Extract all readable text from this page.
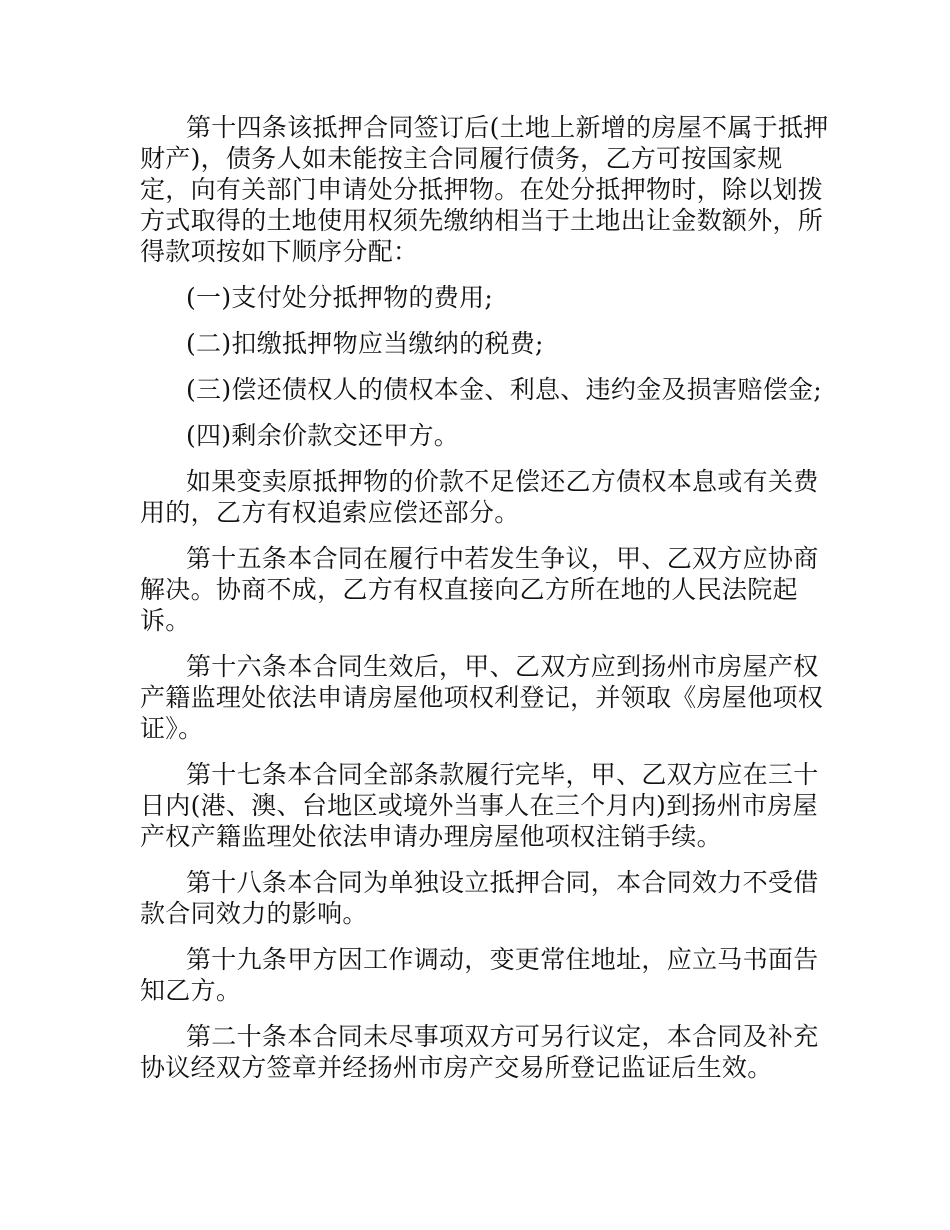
第十四条该抵押合同签订后(土地上新增的房屋不属于抵押财产)，债务人如未能按主合同履行债务，乙方可按国家规定，向有关部门申请处分抵押物。在处分抵押物时，除以划拨方式取得的土地使用权须先缴纳相当于土地出让金数额外，所得款项按如下顺序分配：

(一)支付处分抵押物的费用;

(二)扣缴抵押物应当缴纳的税费;

(三)偿还债权人的债权本金、利息、违约金及损害赔偿金;

(四)剩余价款交还甲方。

如果变卖原抵押物的价款不足偿还乙方债权本息或有关费用的，乙方有权追索应偿还部分。

第十五条本合同在履行中若发生争议，甲、乙双方应协商解决。协商不成，乙方有权直接向乙方所在地的人民法院起诉。

第十六条本合同生效后，甲、乙双方应到扬州市房屋产权产籍监理处依法申请房屋他项权利登记，并领取《房屋他项权证》。

第十七条本合同全部条款履行完毕，甲、乙双方应在三十日内(港、澳、台地区或境外当事人在三个月内)到扬州市房屋产权产籍监理处依法申请办理房屋他项权注销手续。

第十八条本合同为单独设立抵押合同，本合同效力不受借款合同效力的影响。

第十九条甲方因工作调动，变更常住地址，应立马书面告知乙方。

第二十条本合同未尽事项双方可另行议定，本合同及补充协议经双方签章并经扬州市房产交易所登记监证后生效。
